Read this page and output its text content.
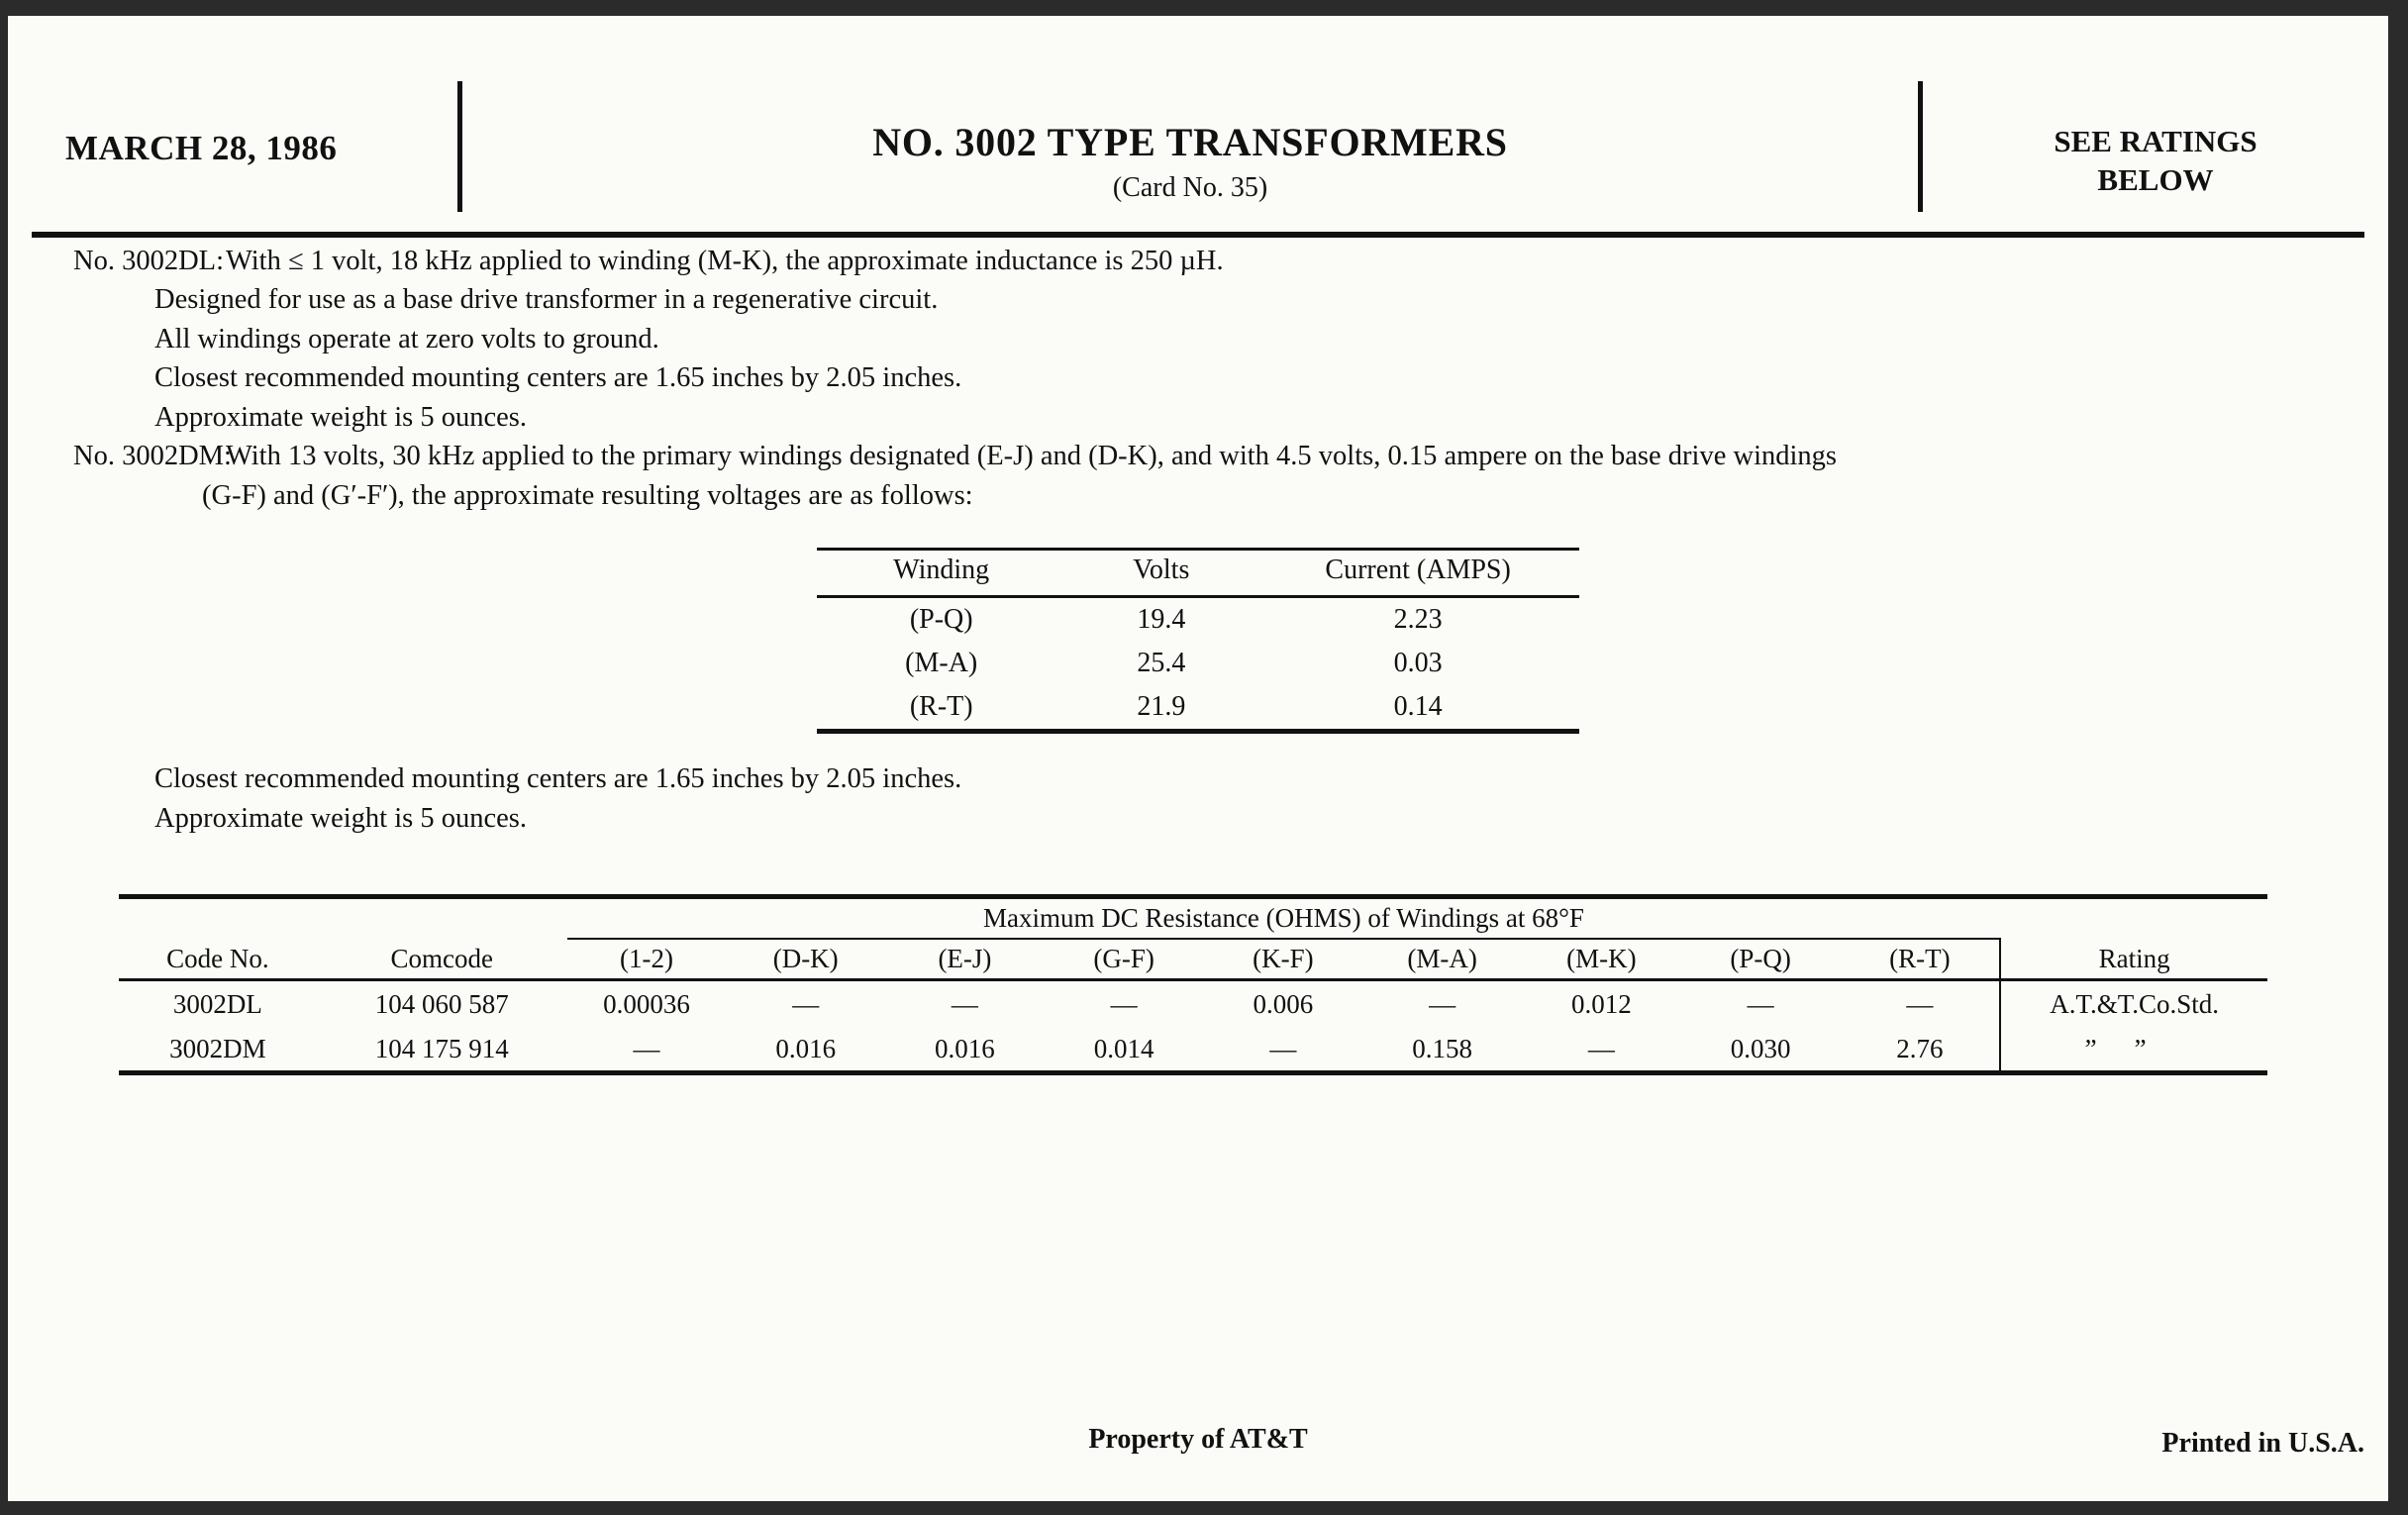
MARCH 28, 1986	NO. 3002 TYPE TRANSFORMERS
(Card No. 35)
SEE RATINGS
BELOW

No. 3002DL:With ≤ 1 volt, 18 kHz applied to winding (M-K), the approximate inductance is 250 µH.

Designed for use as a base drive transformer in a regenerative circuit.

All windings operate at zero volts to ground.

Closest recommended mounting centers are 1.65 inches by 2.05 inches.

Approximate weight is 5 ounces.

No. 3002DM:With 13 volts, 30 kHz applied to the primary windings designated (E-J) and (D-K), and with 4.5 volts, 0.15 ampere on the base drive windings

(G-F) and (G′-F′), the approximate resulting voltages are as follows:

Winding	Volts	Current (AMPS)
(P-Q)	19.4	2.23
(M-A)	25.4	0.03
(R-T)	21.9	0.14

Closest recommended mounting centers are 1.65 inches by 2.05 inches.

Approximate weight is 5 ounces.

		Maximum DC Resistance (OHMS) of Windings at 68°F									
Code No.	Comcode	(1-2)	(D-K)	(E-J)	(G-F)	(K-F)	(M-A)	(M-K)	(P-Q)	(R-T)	Rating
3002DL	104 060 587	0.00036	—	—	—	0.006	—	0.012	—	—	A.T.&T.Co.Std.
3002DM	104 175 914	—	0.016	0.016	0.014	—	0.158	—	0.030	2.76	””
Property of AT&T	Printed in U.S.A.
